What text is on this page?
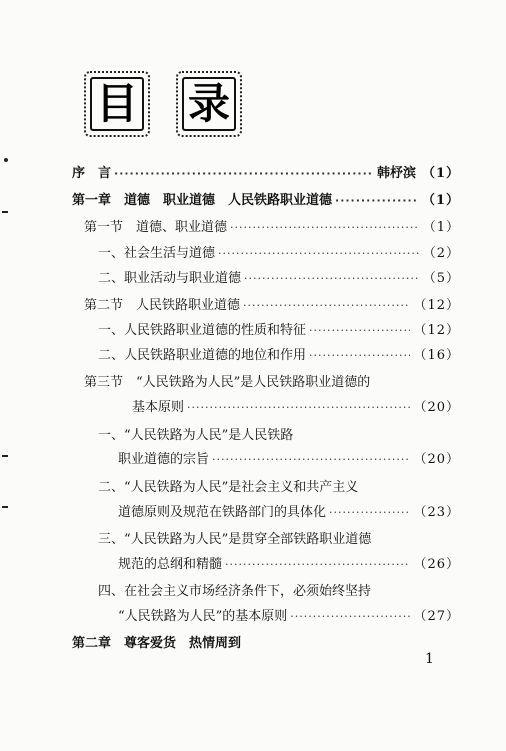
目 录
序　言 ·····	韩杼滨 （1）
第一章　道德　职业道德　人民铁路职业道德 ·····	（1）
第一节　道德、职业道德 ·····	（1）
一、社会生活与道德 ·····	（2）
二、职业活动与职业道德 ·····	（5）
第二节　人民铁路职业道德 ·····	（12）
一、人民铁路职业道德的性质和特征 ·····	（12）
二、人民铁路职业道德的地位和作用 ·····	（16）
第三节　“人民铁路为人民”是人民铁路职业道德的
基本原则 ·····	（20）
一、“人民铁路为人民”是人民铁路
职业道德的宗旨 ·····	（20）
二、“人民铁路为人民”是社会主义和共产主义
道德原则及规范在铁路部门的具体化 ·····	（23）
三、“人民铁路为人民”是贯穿全部铁路职业道德
规范的总纲和精髓 ·····	（26）
四、在社会主义市场经济条件下，必须始终坚持
“人民铁路为人民”的基本原则 ·····	（27）
第二章　尊客爱货　热情周到
1
